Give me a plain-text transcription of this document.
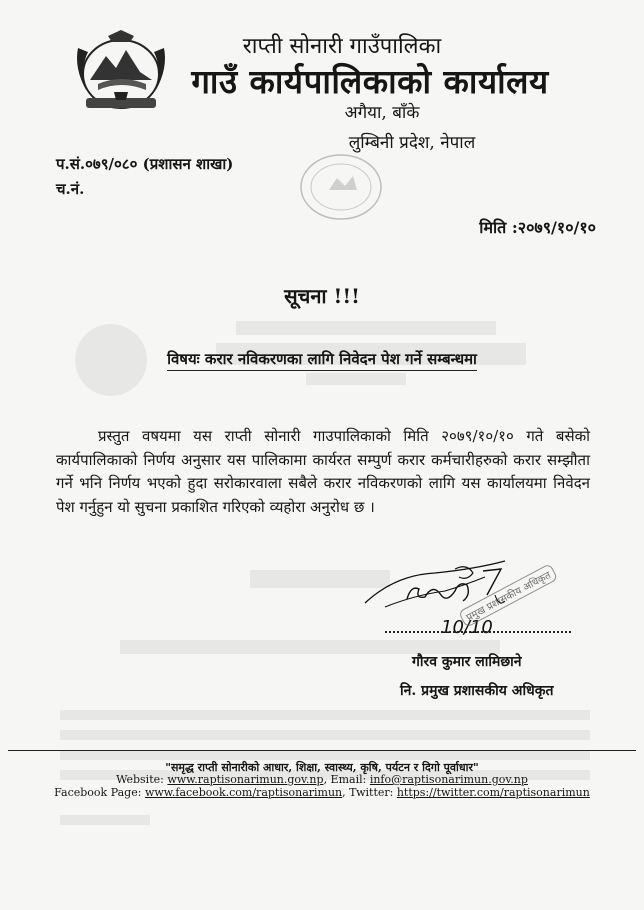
राप्ती सोनारी गाउँपालिका
गाउँ कार्यपालिकाको कार्यालय
अगैया, बाँके
लुम्बिनी प्रदेश, नेपाल
प.सं.०७९/०८० (प्रशासन शाखा)
च.नं.
मिति :२०७९/१०/१०
सूचना !!!
विषयः करार नविकरणका लागि निवेदन पेश गर्ने सम्बन्धमा
प्रस्तुत वषयमा यस राप्ती सोनारी गाउपालिकाको मिति २०७९/१०/१० गते बसेको कार्यपालिकाको निर्णय अनुसार यस पालिकामा कार्यरत सम्पुर्ण करार कर्मचारीहरुको करार सम्झौता गर्ने भनि निर्णय भएको हुदा सरोकारवाला सबैले करार नविकरणको लागि यस कार्यालयमा निवेदन पेश गर्नुहुन यो सुचना प्रकाशित गरिएको व्यहोरा अनुरोध छ ।
10/10
प्रमुख प्रशासकीय अधिकृत
गौरव कुमार लामिछाने
नि. प्रमुख प्रशासकीय अधिकृत
"समृद्ध राप्ती सोनारीको आधार, शिक्षा, स्वास्थ्य, कृषि, पर्यटन र दिगो पूर्वाधार"
Website: www.raptisonarimun.gov.np, Email: info@raptisonarimun.gov.np
Facebook Page: www.facebook.com/raptisonarimun, Twitter: https://twitter.com/raptisonarimun
